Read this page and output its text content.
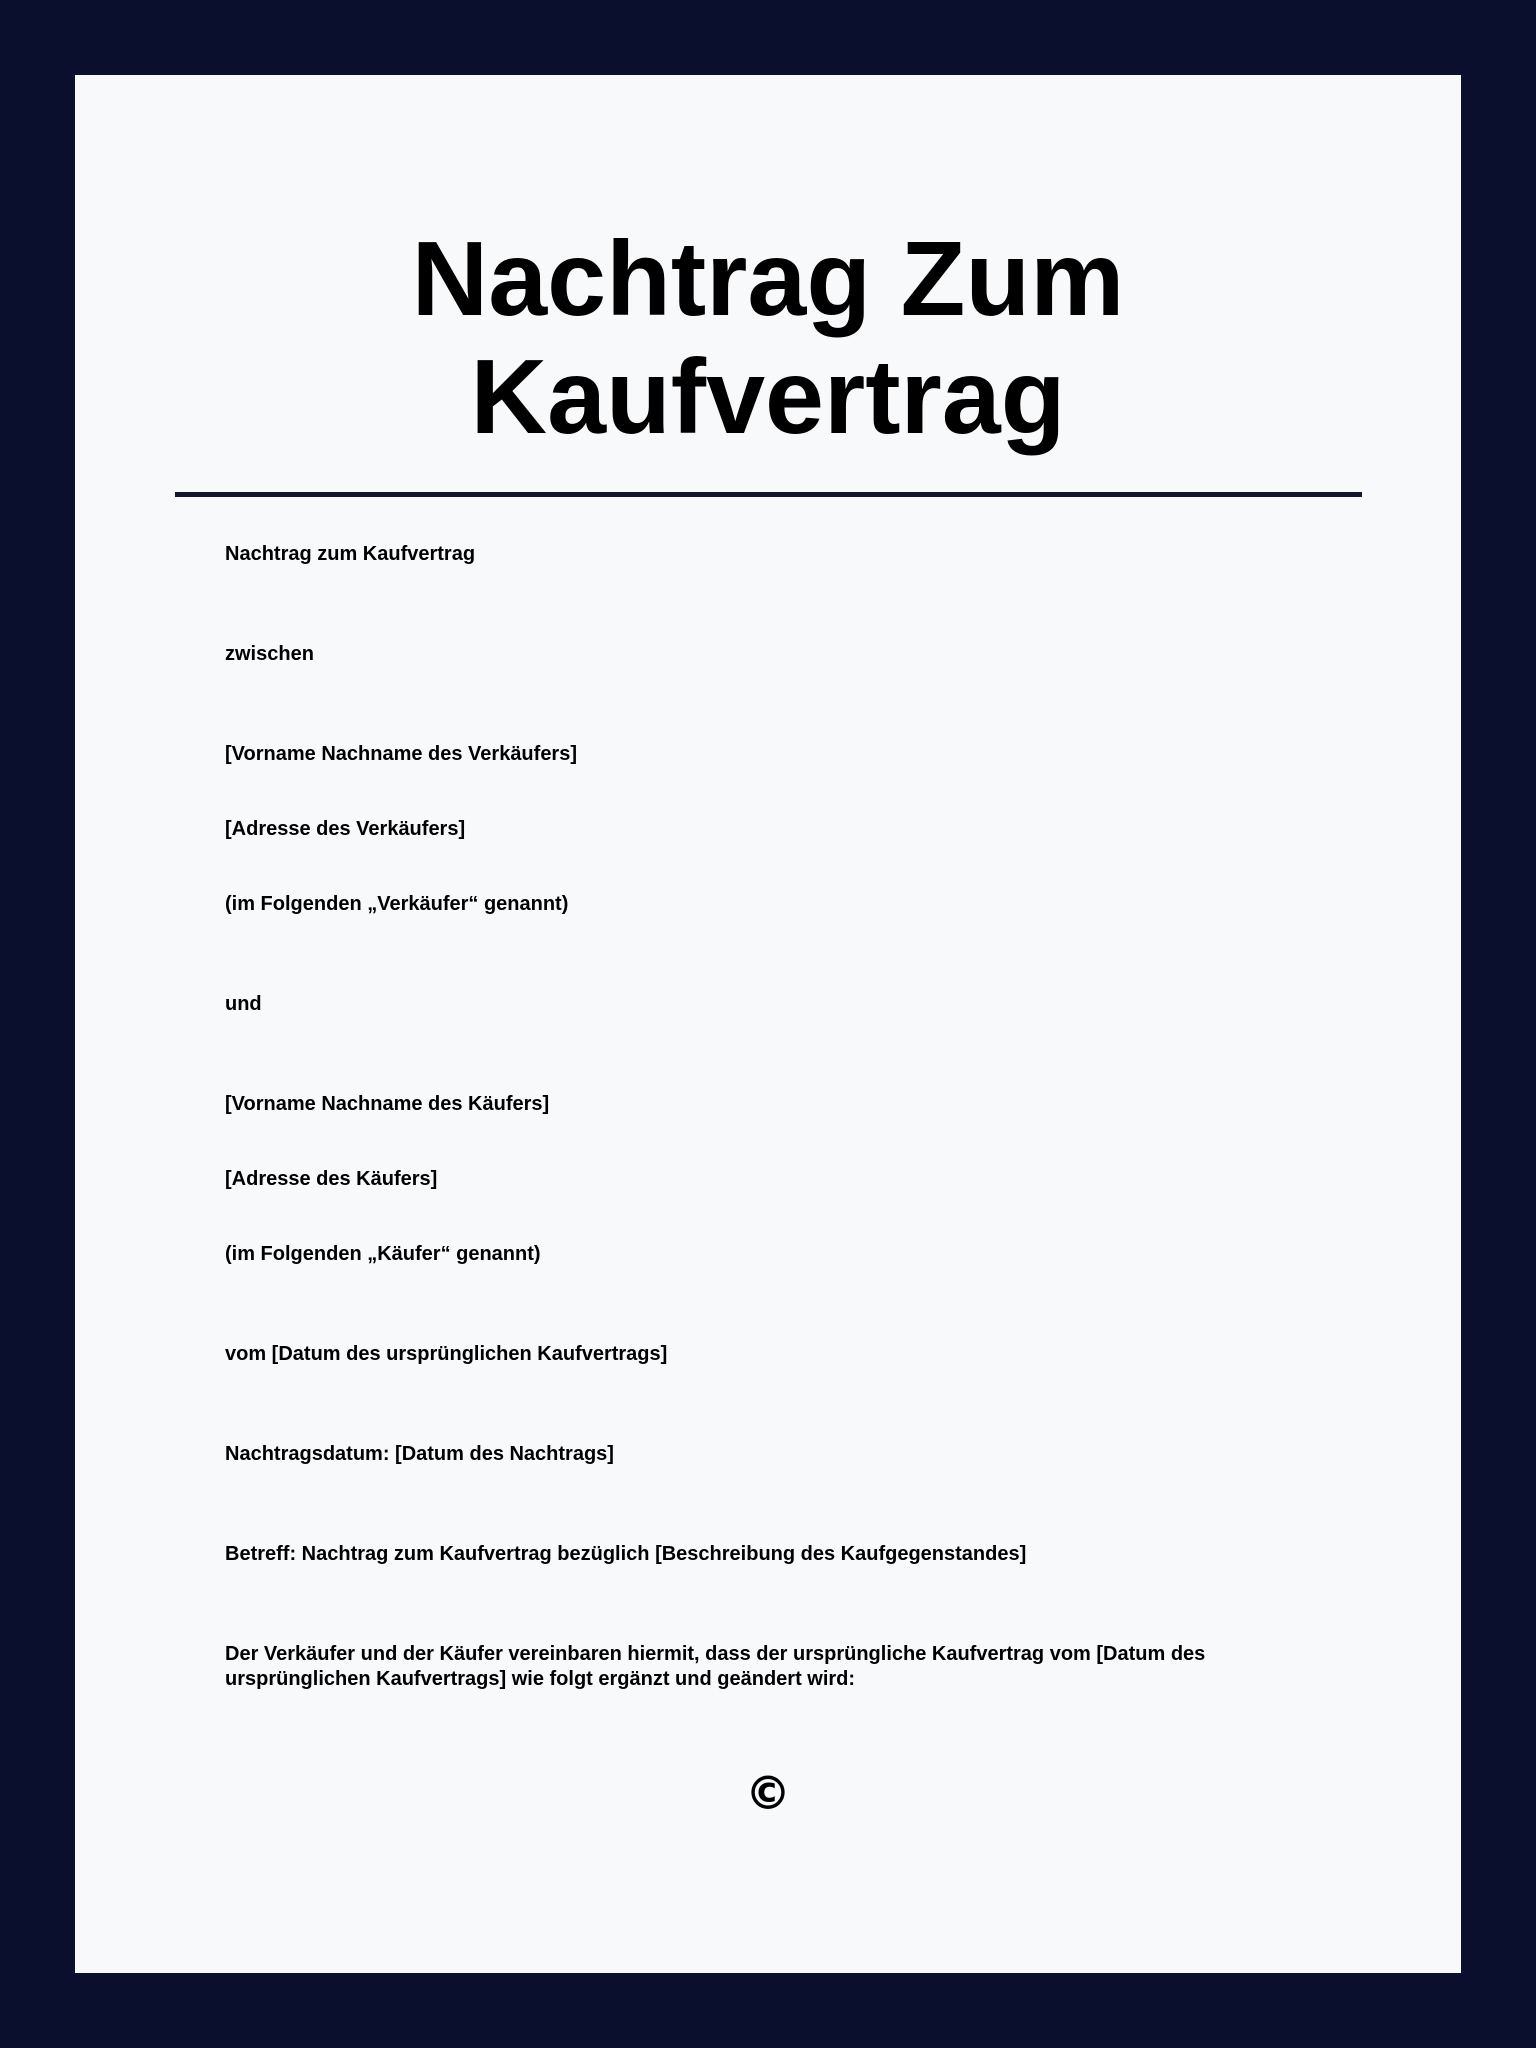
Nachtrag Zum
Kaufvertrag
Nachtrag zum Kaufvertrag
zwischen
[Vorname Nachname des Verkäufers]
[Adresse des Verkäufers]
(im Folgenden „Verkäufer“ genannt)
und
[Vorname Nachname des Käufers]
[Adresse des Käufers]
(im Folgenden „Käufer“ genannt)
vom [Datum des ursprünglichen Kaufvertrags]
Nachtragsdatum: [Datum des Nachtrags]
Betreff: Nachtrag zum Kaufvertrag bezüglich [Beschreibung des Kaufgegenstandes]
Der Verkäufer und der Käufer vereinbaren hiermit, dass der ursprüngliche Kaufvertrag vom [Datum des ursprünglichen Kaufvertrags] wie folgt ergänzt und geändert wird:
©
